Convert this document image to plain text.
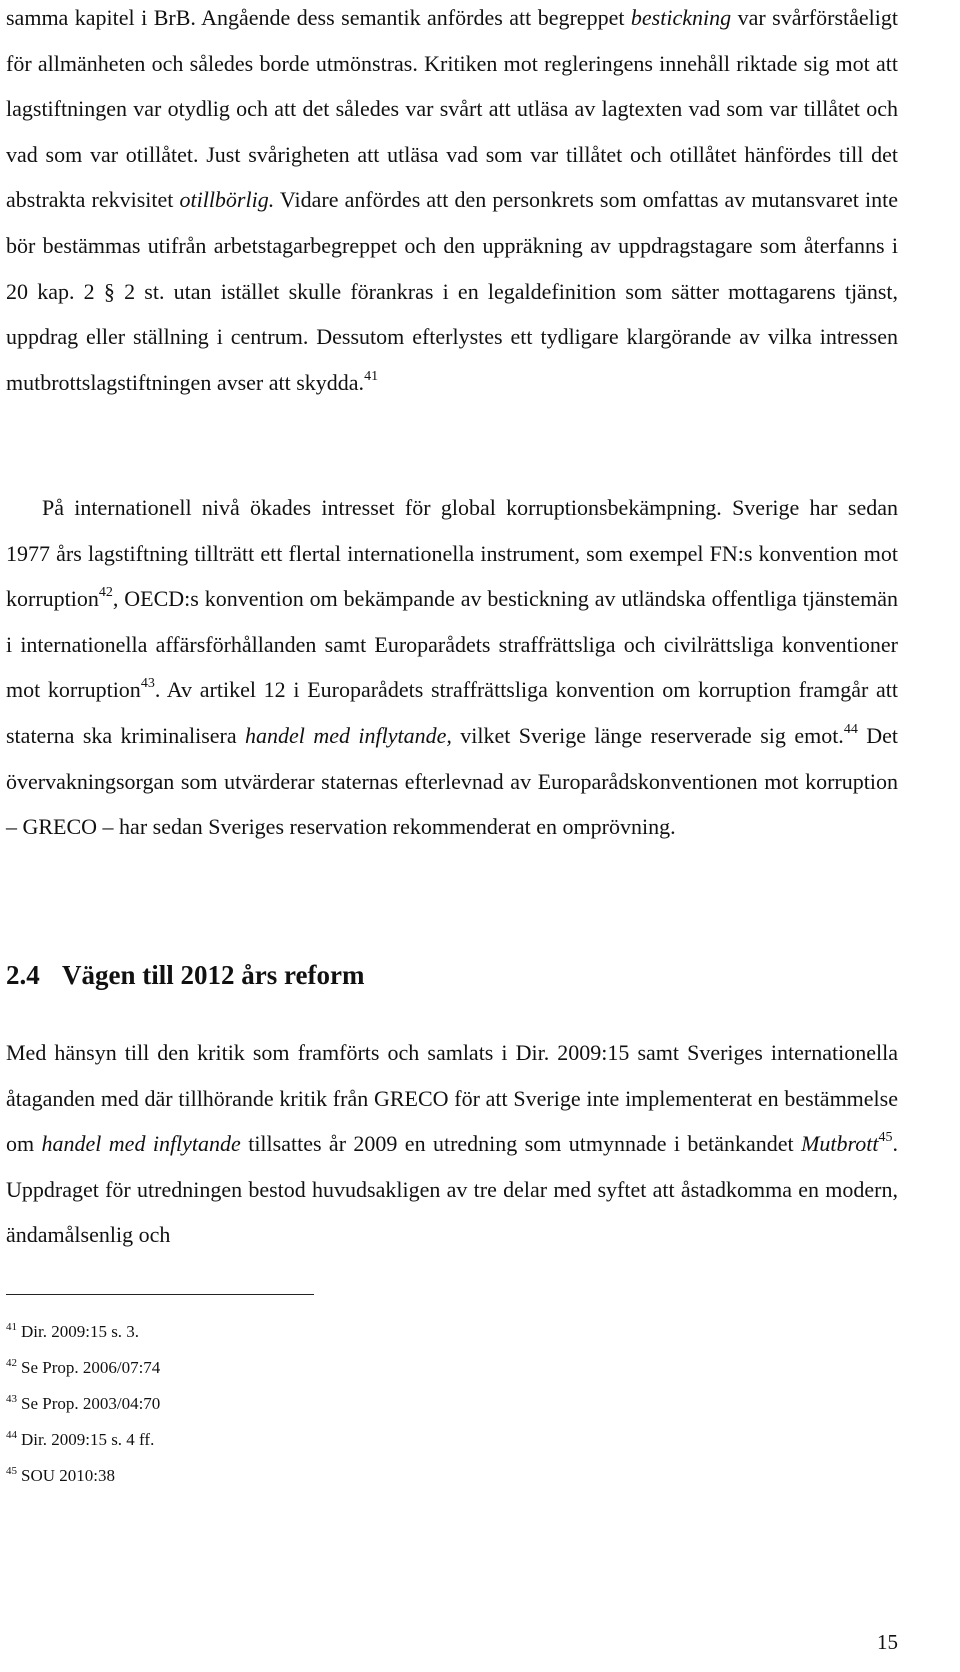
samma kapitel i BrB. Angående dess semantik anfördes att begreppet bestickning var svårförståeligt för allmänheten och således borde utmönstras. Kritiken mot regleringens innehåll riktade sig mot att lagstiftningen var otydlig och att det således var svårt att utläsa av lagtexten vad som var tillåtet och vad som var otillåtet. Just svårigheten att utläsa vad som var tillåtet och otillåtet hänfördes till det abstrakta rekvisitet otillbörlig. Vidare anfördes att den personkrets som omfattas av mutansvaret inte bör bestämmas utifrån arbetstagarbegreppet och den uppräkning av uppdragstagare som återfanns i 20 kap. 2 § 2 st. utan istället skulle förankras i en legaldefinition som sätter mottagarens tjänst, uppdrag eller ställning i centrum. Dessutom efterlystes ett tydligare klargörande av vilka intressen mutbrottslagstiftningen avser att skydda.$^{41}$

På internationell nivå ökades intresset för global korruptionsbekämpning. Sverige har sedan 1977 års lagstiftning tillträtt ett flertal internationella instrument, som exempel FN:s konvention mot korruption$^{42}$, OECD:s konvention om bekämpande av bestickning av utländska offentliga tjänstemän i internationella affärsförhållanden samt Europarådets straffrättsliga och civilrättsliga konventioner mot korruption$^{43}$. Av artikel 12 i Europarådets straffrättsliga konvention om korruption framgår att staterna ska kriminalisera handel med inflytande, vilket Sverige länge reserverade sig emot.$^{44}$ Det övervakningsorgan som utvärderar staternas efterlevnad av Europarådskonventionen mot korruption – GRECO – har sedan Sveriges reservation rekommenderat en omprövning.

2.4 Vägen till 2012 års reform

Med hänsyn till den kritik som framförts och samlats i Dir. 2009:15 samt Sveriges internationella åtaganden med där tillhörande kritik från GRECO för att Sverige inte implementerat en bestämmelse om handel med inflytande tillsattes år 2009 en utredning som utmynnade i betänkandet Mutbrott$^{45}$. Uppdraget för utredningen bestod huvudsakligen av tre delar med syftet att åstadkomma en modern, ändamålsenlig och

$^{41}$ Dir. 2009:15 s. 3.
$^{42}$ Se Prop. 2006/07:74
$^{43}$ Se Prop. 2003/04:70
$^{44}$ Dir. 2009:15 s. 4 ff.
$^{45}$ SOU 2010:38
15
